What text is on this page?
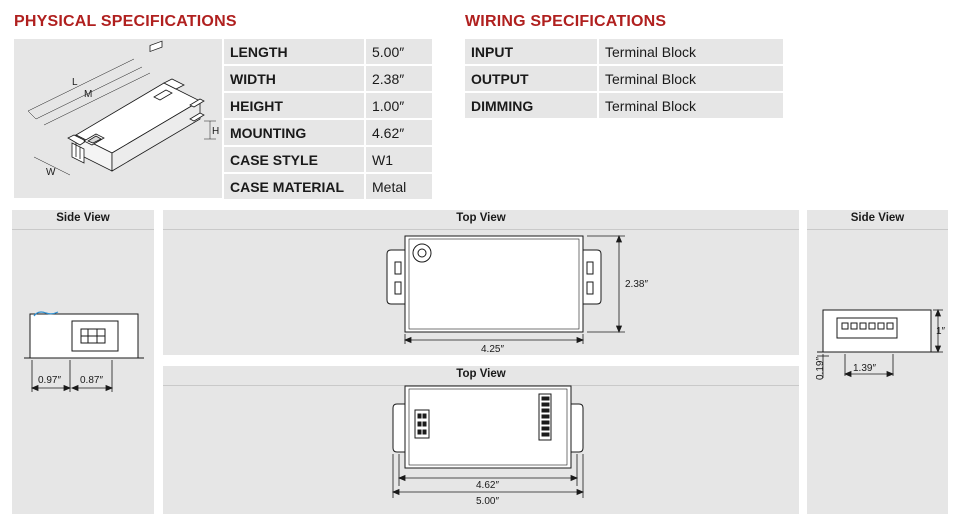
PHYSICAL SPECIFICATIONS
L
M
W
H
LENGTH	5.00″
WIDTH	2.38″
HEIGHT	1.00″
MOUNTING	4.62″
CASE STYLE	W1
CASE MATERIAL	Metal
WIRING SPECIFICATIONS
INPUT	Terminal Block
OUTPUT	Terminal Block
DIMMING	Terminal Block
Side View
0.97″ 0.87″
Top View
2.38″
4.25″
Top View
4.62″
5.00″
Side View
1″
0.19″	1.39″
